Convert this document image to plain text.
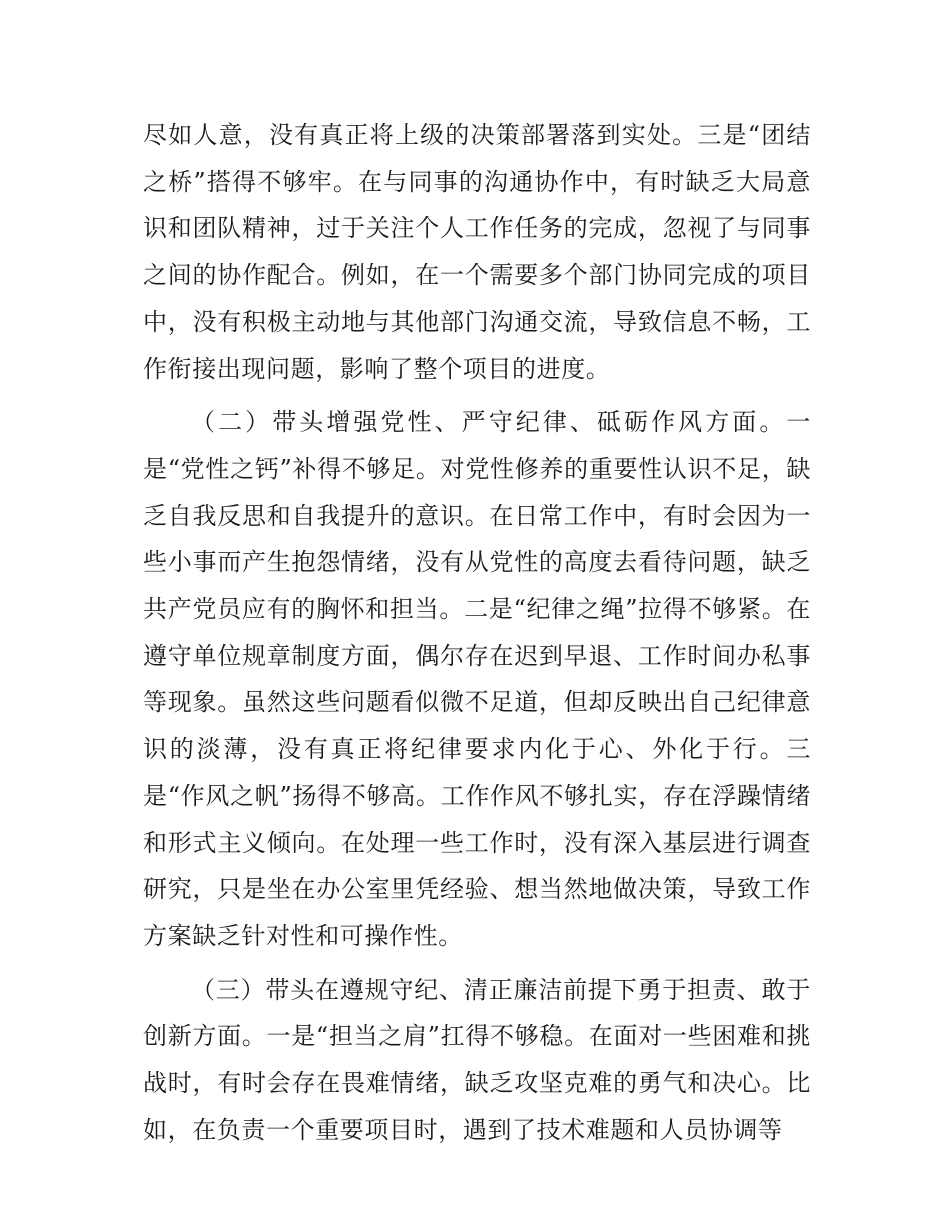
尽如人意，没有真正将上级的决策部署落到实处。三是“团结之桥”搭得不够牢。在与同事的沟通协作中，有时缺乏大局意识和团队精神，过于关注个人工作任务的完成，忽视了与同事之间的协作配合。例如，在一个需要多个部门协同完成的项目中，没有积极主动地与其他部门沟通交流，导致信息不畅，工作衔接出现问题，影响了整个项目的进度。

（二）带头增强党性、严守纪律、砥砺作风方面。一是“党性之钙”补得不够足。对党性修养的重要性认识不足，缺乏自我反思和自我提升的意识。在日常工作中，有时会因为一些小事而产生抱怨情绪，没有从党性的高度去看待问题，缺乏共产党员应有的胸怀和担当。二是“纪律之绳”拉得不够紧。在遵守单位规章制度方面，偶尔存在迟到早退、工作时间办私事等现象。虽然这些问题看似微不足道，但却反映出自己纪律意识的淡薄，没有真正将纪律要求内化于心、外化于行。三是“作风之帆”扬得不够高。工作作风不够扎实，存在浮躁情绪和形式主义倾向。在处理一些工作时，没有深入基层进行调查研究，只是坐在办公室里凭经验、想当然地做决策，导致工作方案缺乏针对性和可操作性。

（三）带头在遵规守纪、清正廉洁前提下勇于担责、敢于创新方面。一是“担当之肩”扛得不够稳。在面对一些困难和挑战时，有时会存在畏难情绪，缺乏攻坚克难的勇气和决心。比如，在负责一个重要项目时，遇到了技术难题和人员协调等
